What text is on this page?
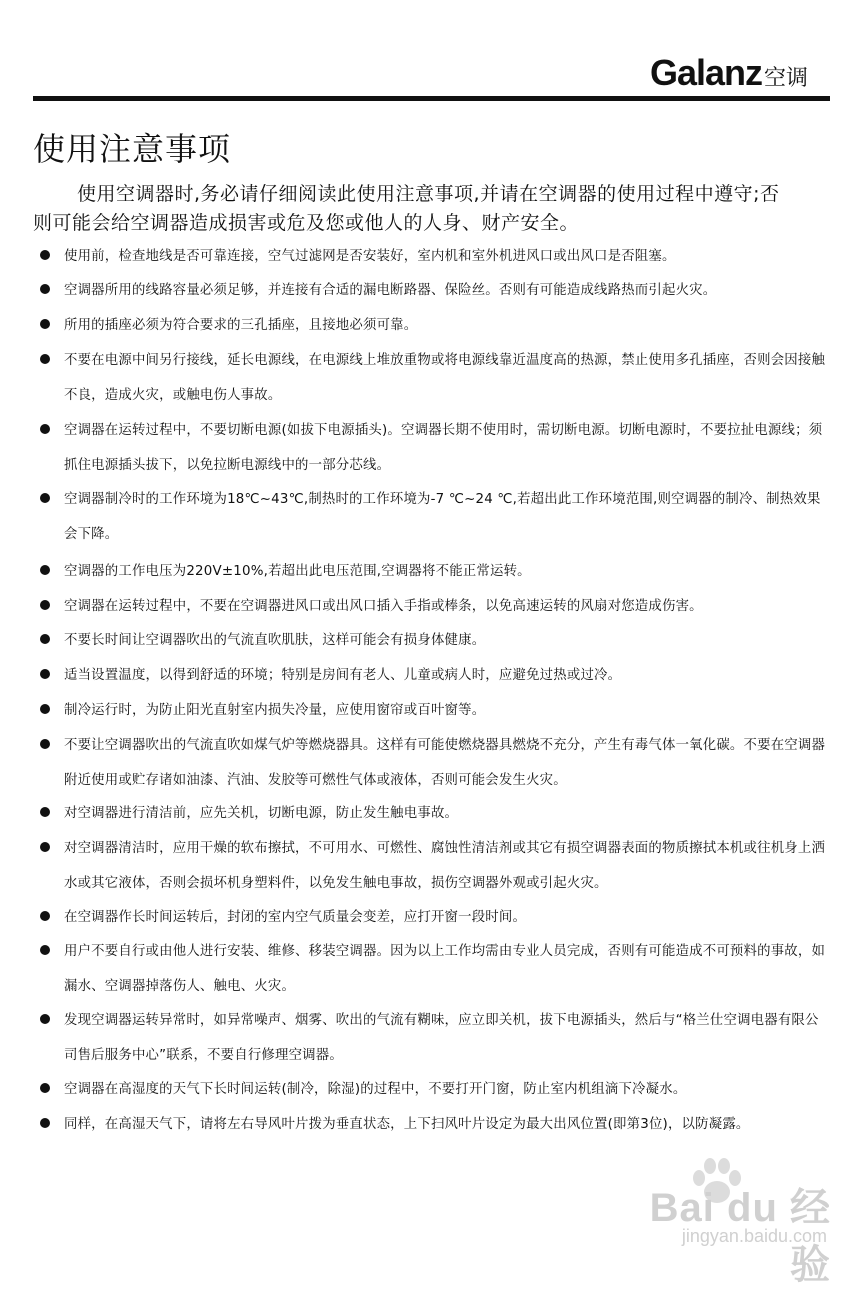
Galanz 空调
使用注意事项

使用空调器时,务必请仔细阅读此使用注意事项,并请在空调器的使用过程中遵守;否则可能会给空调器造成损害或危及您或他人的人身、财产安全。

使用前，检查地线是否可靠连接，空气过滤网是否安装好，室内机和室外机进风口或出风口是否阻塞。
空调器所用的线路容量必须足够，并连接有合适的漏电断路器、保险丝。否则有可能造成线路热而引起火灾。
所用的插座必须为符合要求的三孔插座，且接地必须可靠。
不要在电源中间另行接线，延长电源线，在电源线上堆放重物或将电源线靠近温度高的热源，禁止使用多孔插座，否则会因接触不良，造成火灾，或触电伤人事故。
空调器在运转过程中，不要切断电源(如拔下电源插头)。空调器长期不使用时，需切断电源。切断电源时，不要拉扯电源线；须抓住电源插头拔下，以免拉断电源线中的一部分芯线。
空调器制冷时的工作环境为18℃~43℃,制热时的工作环境为-7 ℃~24 ℃,若超出此工作环境范围,则空调器的制冷、制热效果会下降。
空调器的工作电压为220V±10%,若超出此电压范围,空调器将不能正常运转。
空调器在运转过程中，不要在空调器进风口或出风口插入手指或棒条，以免高速运转的风扇对您造成伤害。
不要长时间让空调器吹出的气流直吹肌肤，这样可能会有损身体健康。
适当设置温度，以得到舒适的环境；特别是房间有老人、儿童或病人时，应避免过热或过冷。
制冷运行时，为防止阳光直射室内损失冷量，应使用窗帘或百叶窗等。
不要让空调器吹出的气流直吹如煤气炉等燃烧器具。这样有可能使燃烧器具燃烧不充分，产生有毒气体一氧化碳。不要在空调器附近使用或贮存诸如油漆、汽油、发胶等可燃性气体或液体，否则可能会发生火灾。
对空调器进行清洁前，应先关机，切断电源，防止发生触电事故。
对空调器清洁时，应用干燥的软布擦拭，不可用水、可燃性、腐蚀性清洁剂或其它有损空调器表面的物质擦拭本机或往机身上洒水或其它液体，否则会损坏机身塑料件，以免发生触电事故，损伤空调器外观或引起火灾。
在空调器作长时间运转后，封闭的室内空气质量会变差，应打开窗一段时间。
用户不要自行或由他人进行安装、维修、移装空调器。因为以上工作均需由专业人员完成，否则有可能造成不可预料的事故，如漏水、空调器掉落伤人、触电、火灾。
发现空调器运转异常时，如异常噪声、烟雾、吹出的气流有糊味，应立即关机，拔下电源插头，然后与“格兰仕空调电器有限公司售后服务中心”联系，不要自行修理空调器。
空调器在高湿度的天气下长时间运转(制冷，除湿)的过程中，不要打开门窗，防止室内机组滴下冷凝水。
同样，在高湿天气下，请将左右导风叶片拨为垂直状态，上下扫风叶片设定为最大出风位置(即第3位)，以防凝露。
Bai du 经验
jingyan.baidu.com
